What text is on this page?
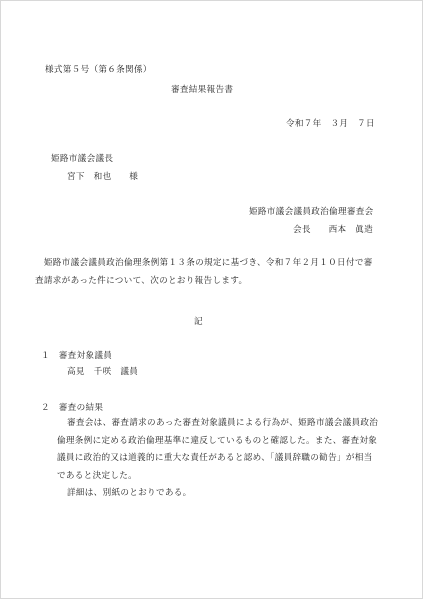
様式第５号（第６条関係）
審査結果報告書
令和７年　３月　７日
姫路市議会議長
宮下　和也　　様
姫路市議会議員政治倫理審査会
会長　　西本　眞造
　姫路市議会議員政治倫理条例第１３条の規定に基づき、令和７年２月１０日付で審
査請求があった件について、次のとおり報告します。
記
１　審査対象議員
高見　千咲　議員
２　審査の結果
審査会は、審査請求のあった審査対象議員による行為が、姫路市議会議員政治
倫理条例に定める政治倫理基準に違反しているものと確認した。また、審査対象
議員に政治的又は道義的に重大な責任があると認め、「議員辞職の勧告」が相当
であると決定した。
詳細は、別紙のとおりである。
